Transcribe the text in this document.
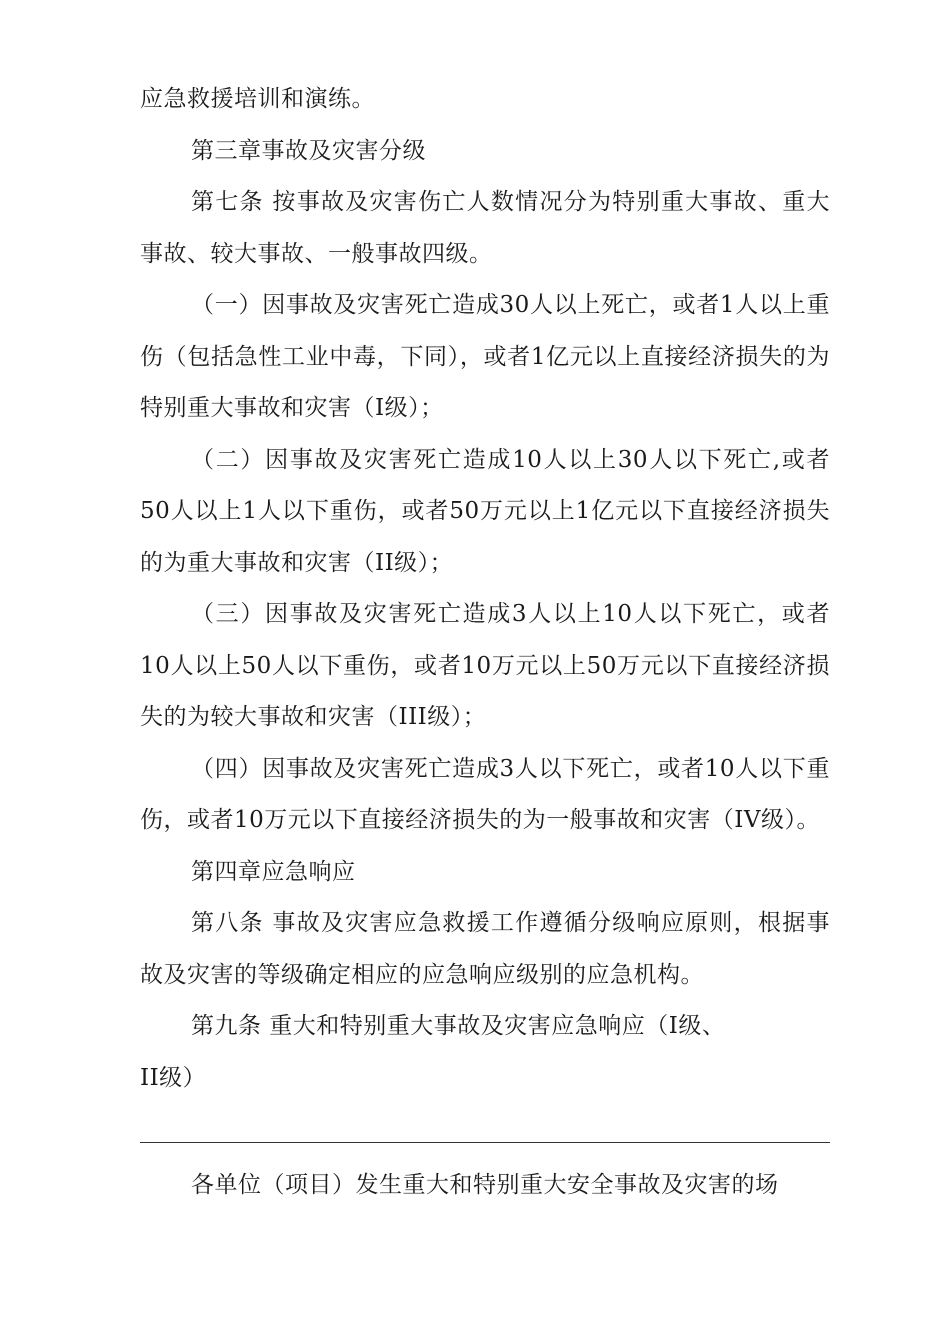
应急救援培训和演练。

第三章事故及灾害分级

第七条 按事故及灾害伤亡人数情况分为特别重大事故、重大事故、较大事故、一般事故四级。

（一）因事故及灾害死亡造成30人以上死亡，或者1人以上重伤（包括急性工业中毒，下同），或者1亿元以上直接经济损失的为特别重大事故和灾害（I级）；

（二）因事故及灾害死亡造成10人以上30人以下死亡,或者50人以上1人以下重伤，或者50万元以上1亿元以下直接经济损失的为重大事故和灾害（II级）；

（三）因事故及灾害死亡造成3人以上10人以下死亡，或者10人以上50人以下重伤，或者10万元以上50万元以下直接经济损失的为较大事故和灾害（III级）；

（四）因事故及灾害死亡造成3人以下死亡，或者10人以下重伤，或者10万元以下直接经济损失的为一般事故和灾害（IV级）。

第四章应急响应

第八条 事故及灾害应急救援工作遵循分级响应原则，根据事故及灾害的等级确定相应的应急响应级别的应急机构。

第九条 重大和特别重大事故及灾害应急响应（I级、

II级）

各单位（项目）发生重大和特别重大安全事故及灾害的场
